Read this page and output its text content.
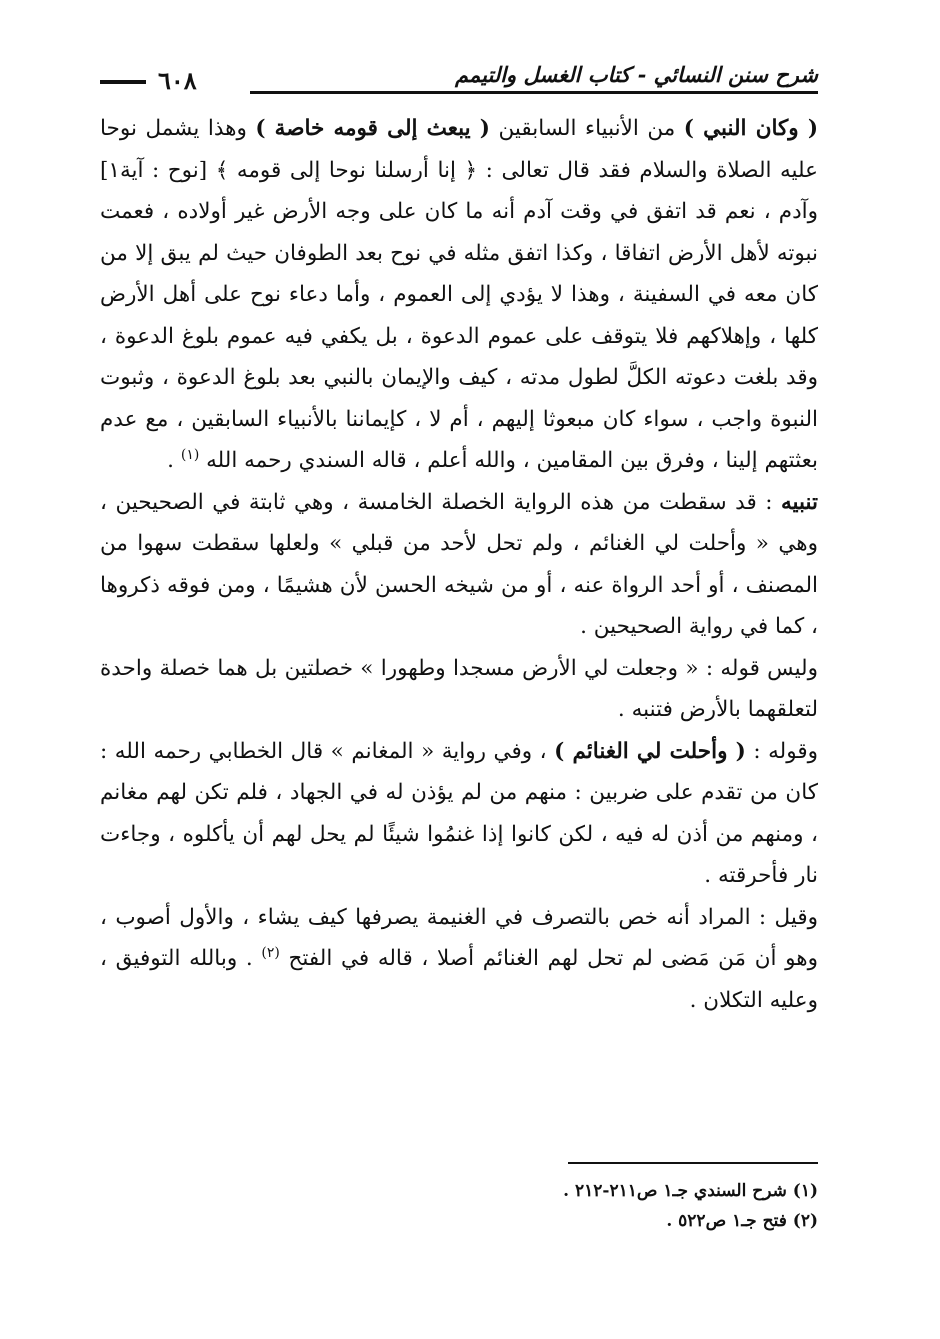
شرح سنن النسائي - كتاب الغسل والتيمم
٦٠٨

( وكان النبي ) من الأنبياء السابقين ( يبعث إلى قومه خاصة ) وهذا يشمل نوحا عليه الصلاة والسلام فقد قال تعالى : ﴿ إنا أرسلنا نوحا إلى قومه ﴾ [نوح : آية١] وآدم ، نعم قد اتفق في وقت آدم أنه ما كان على وجه الأرض غير أولاده ، فعمت نبوته لأهل الأرض اتفاقا ، وكذا اتفق مثله في نوح بعد الطوفان حيث لم يبق إلا من كان معه في السفينة ، وهذا لا يؤدي إلى العموم ، وأما دعاء نوح على أهل الأرض كلها ، وإهلاكهم فلا يتوقف على عموم الدعوة ، بل يكفي فيه عموم بلوغ الدعوة ، وقد بلغت دعوته الكلَّ لطول مدته ، كيف والإيمان بالنبي بعد بلوغ الدعوة ، وثبوت النبوة واجب ، سواء كان مبعوثا إليهم ، أم لا ، كإيماننا بالأنبياء السابقين ، مع عدم بعثتهم إلينا ، وفرق بين المقامين ، والله أعلم ، قاله السندي رحمه الله $^{(١)}$ .

تنبيه : قد سقطت من هذه الرواية الخصلة الخامسة ، وهي ثابتة في الصحيحين ، وهي « وأحلت لي الغنائم ، ولم تحل لأحد من قبلي » ولعلها سقطت سهوا من المصنف ، أو أحد الرواة عنه ، أو من شيخه الحسن لأن هشيمًا ، ومن فوقه ذكروها ، كما في رواية الصحيحين .

وليس قوله : « وجعلت لي الأرض مسجدا وطهورا » خصلتين بل هما خصلة واحدة لتعلقهما بالأرض فتنبه .

وقوله : ( وأحلت لي الغنائم ) ، وفي رواية « المغانم » قال الخطابي رحمه الله : كان من تقدم على ضربين : منهم من لم يؤذن له في الجهاد ، فلم تكن لهم مغانم ، ومنهم من أذن له فيه ، لكن كانوا إذا غنمُوا شيئًا لم يحل لهم أن يأكلوه ، وجاءت نار فأحرقته .

وقيل : المراد أنه خص بالتصرف في الغنيمة يصرفها كيف يشاء ، والأول أصوب ، وهو أن مَن مَضى لم تحل لهم الغنائم أصلا ، قاله في الفتح $^{(٢)}$ . وبالله التوفيق ، وعليه التكلان .

(١) شرح السندي جـ١ ص٢١١-٢١٢ .
(٢) فتح جـ١ ص٥٢٢ .
